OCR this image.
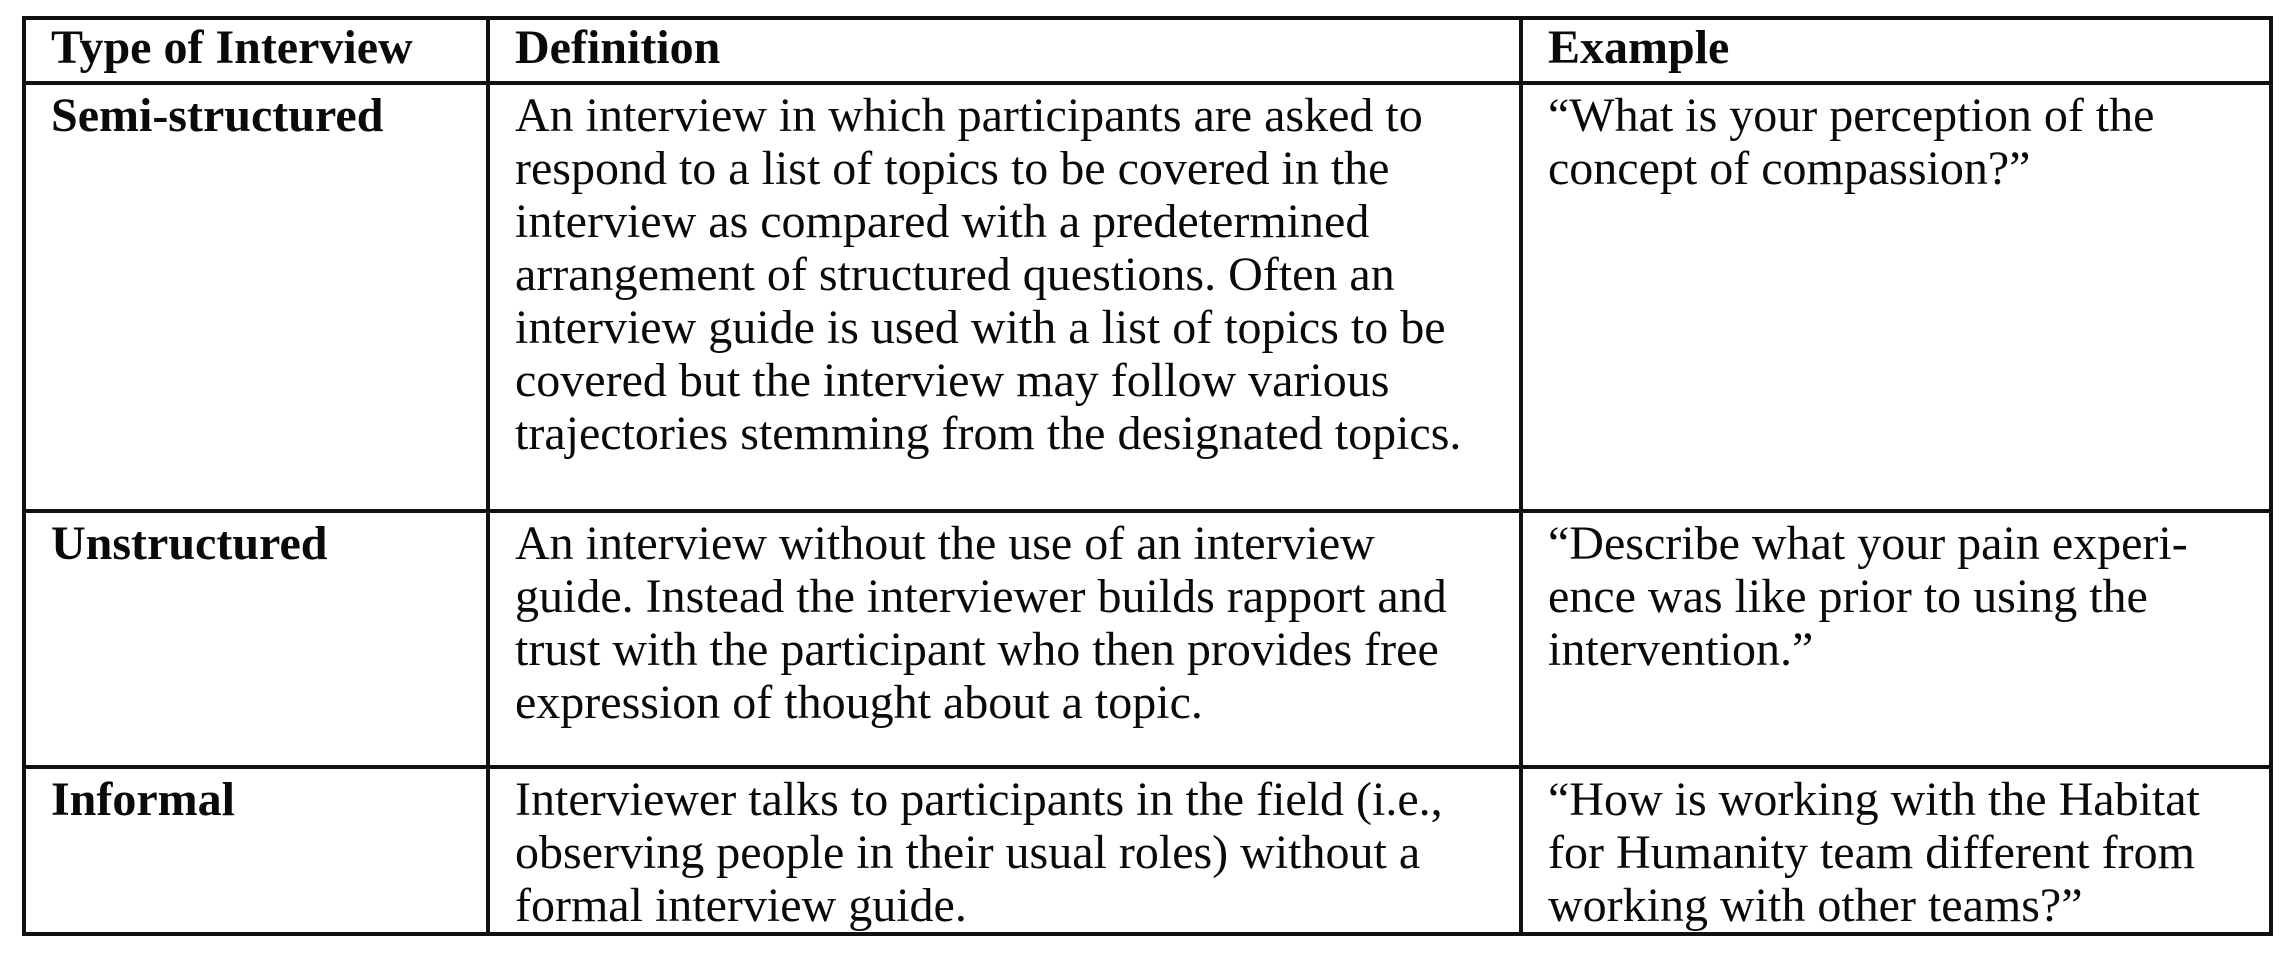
Type of Interview	Definition	Example
Semi-structured	An interview in which participants are asked to respond to a list of topics to be covered in the interview as compared with a predetermined arrangement of structured questions. Often an interview guide is used with a list of topics to be covered but the interview may follow various trajectories stemming from the designated topics.	“What is your perception of the concept of compassion?”
Unstructured	An interview without the use of an interview guide. Instead the interviewer builds rapport and trust with the participant who then provides free expression of thought about a topic.	“Describe what your pain experi-ence was like prior to using the intervention.”
Informal	Interviewer talks to participants in the field (i.e., observing people in their usual roles) without a formal interview guide.	“How is working with the Habitat for Humanity team different from working with other teams?”
